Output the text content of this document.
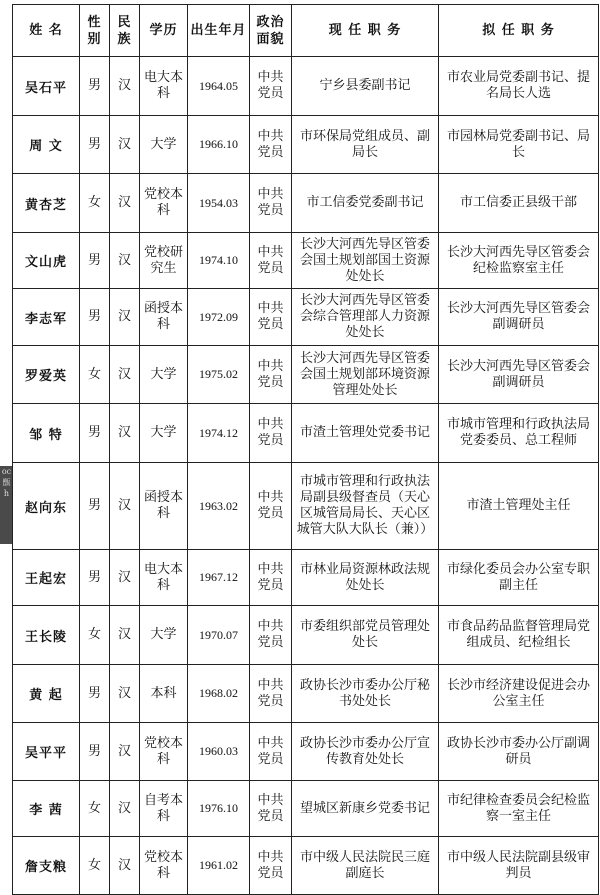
oc
甑
h
姓 名	性别	民族	学历	出生年月	政治面貌	现 任 职 务	拟 任 职 务
吴石平	男	汉	电大本科	1964.05	中共党员	宁乡县委副书记	市农业局党委副书记、提名局长人选
周 文	男	汉	大学	1966.10	中共党员	市环保局党组成员、副局长	市园林局党委副书记、局长
黄杏芝	女	汉	党校本科	1954.03	中共党员	市工信委党委副书记	市工信委正县级干部
文山虎	男	汉	党校研究生	1974.10	中共党员	长沙大河西先导区管委会国土规划部国土资源处处长	长沙大河西先导区管委会纪检监察室主任
李志军	男	汉	函授本科	1972.09	中共党员	长沙大河西先导区管委会综合管理部人力资源处处长	长沙大河西先导区管委会副调研员
罗爱英	女	汉	大学	1975.02	中共党员	长沙大河西先导区管委会国土规划部环境资源管理处处长	长沙大河西先导区管委会副调研员
邹 特	男	汉	大学	1974.12	中共党员	市渣土管理处党委书记	市城市管理和行政执法局党委委员、总工程师
赵向东	男	汉	函授本科	1963.02	中共党员	市城市管理和行政执法局副县级督查员（天心区城管局局长、天心区城管大队大队长（兼））	市渣土管理处主任
王起宏	男	汉	电大本科	1967.12	中共党员	市林业局资源林政法规处处长	市绿化委员会办公室专职副主任
王长陵	女	汉	大学	1970.07	中共党员	市委组织部党员管理处处长	市食品药品监督管理局党组成员、纪检组长
黄 起	男	汉	本科	1968.02	中共党员	政协长沙市委办公厅秘书处处长	长沙市经济建设促进会办公室主任
吴平平	男	汉	党校本科	1960.03	中共党员	政协长沙市委办公厅宣传教育处处长	政协长沙市委办公厅副调研员
李 茜	女	汉	自考本科	1976.10	中共党员	望城区新康乡党委书记	市纪律检查委员会纪检监察一室主任
詹支粮	女	汉	党校本科	1961.02	中共党员	市中级人民法院民三庭副庭长	市中级人民法院副县级审判员
